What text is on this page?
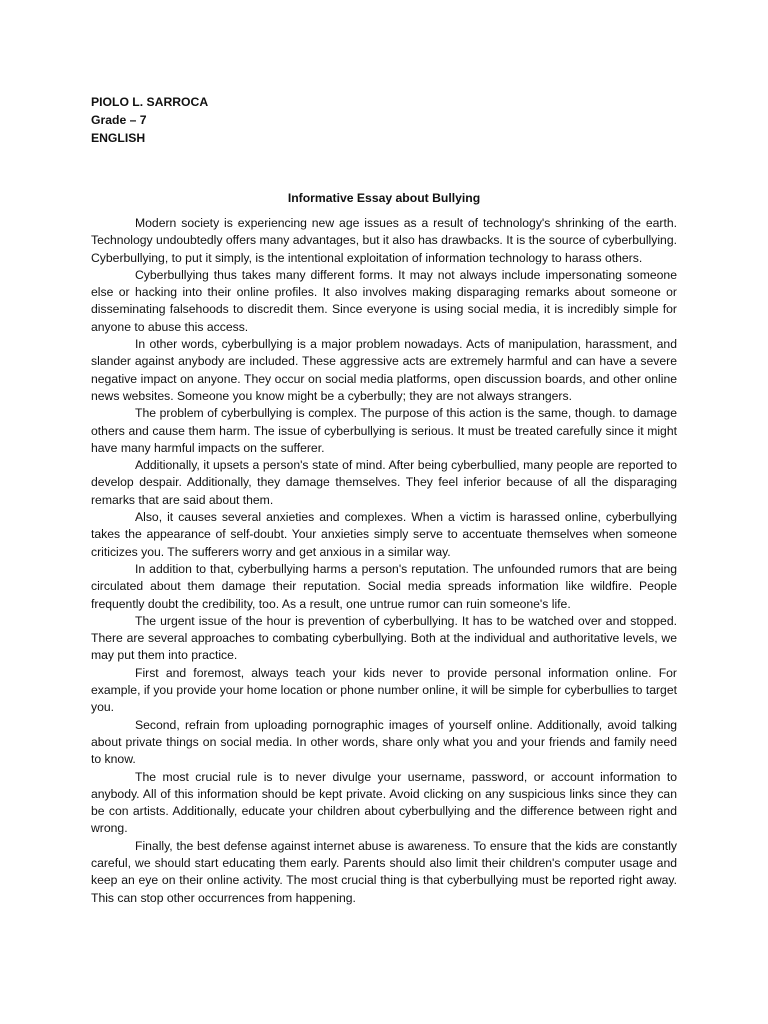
PIOLO L. SARROCA
Grade – 7
ENGLISH
Informative Essay about Bullying

Modern society is experiencing new age issues as a result of technology's shrinking of the earth. Technology undoubtedly offers many advantages, but it also has drawbacks. It is the source of cyberbullying. Cyberbullying, to put it simply, is the intentional exploitation of information technology to harass others.

Cyberbullying thus takes many different forms. It may not always include impersonating someone else or hacking into their online profiles. It also involves making disparaging remarks about someone or disseminating falsehoods to discredit them. Since everyone is using social media, it is incredibly simple for anyone to abuse this access.

In other words, cyberbullying is a major problem nowadays. Acts of manipulation, harassment, and slander against anybody are included. These aggressive acts are extremely harmful and can have a severe negative impact on anyone. They occur on social media platforms, open discussion boards, and other online news websites. Someone you know might be a cyberbully; they are not always strangers.

The problem of cyberbullying is complex. The purpose of this action is the same, though. to damage others and cause them harm. The issue of cyberbullying is serious. It must be treated carefully since it might have many harmful impacts on the sufferer.

Additionally, it upsets a person's state of mind. After being cyberbullied, many people are reported to develop despair. Additionally, they damage themselves. They feel inferior because of all the disparaging remarks that are said about them.

Also, it causes several anxieties and complexes. When a victim is harassed online, cyberbullying takes the appearance of self-doubt. Your anxieties simply serve to accentuate themselves when someone criticizes you. The sufferers worry and get anxious in a similar way.

In addition to that, cyberbullying harms a person's reputation. The unfounded rumors that are being circulated about them damage their reputation. Social media spreads information like wildfire. People frequently doubt the credibility, too. As a result, one untrue rumor can ruin someone's life.

The urgent issue of the hour is prevention of cyberbullying. It has to be watched over and stopped. There are several approaches to combating cyberbullying. Both at the individual and authoritative levels, we may put them into practice.

First and foremost, always teach your kids never to provide personal information online. For example, if you provide your home location or phone number online, it will be simple for cyberbullies to target you.

Second, refrain from uploading pornographic images of yourself online. Additionally, avoid talking about private things on social media. In other words, share only what you and your friends and family need to know.

The most crucial rule is to never divulge your username, password, or account information to anybody. All of this information should be kept private. Avoid clicking on any suspicious links since they can be con artists. Additionally, educate your children about cyberbullying and the difference between right and wrong.

Finally, the best defense against internet abuse is awareness. To ensure that the kids are constantly careful, we should start educating them early. Parents should also limit their children's computer usage and keep an eye on their online activity. The most crucial thing is that cyberbullying must be reported right away. This can stop other occurrences from happening.
